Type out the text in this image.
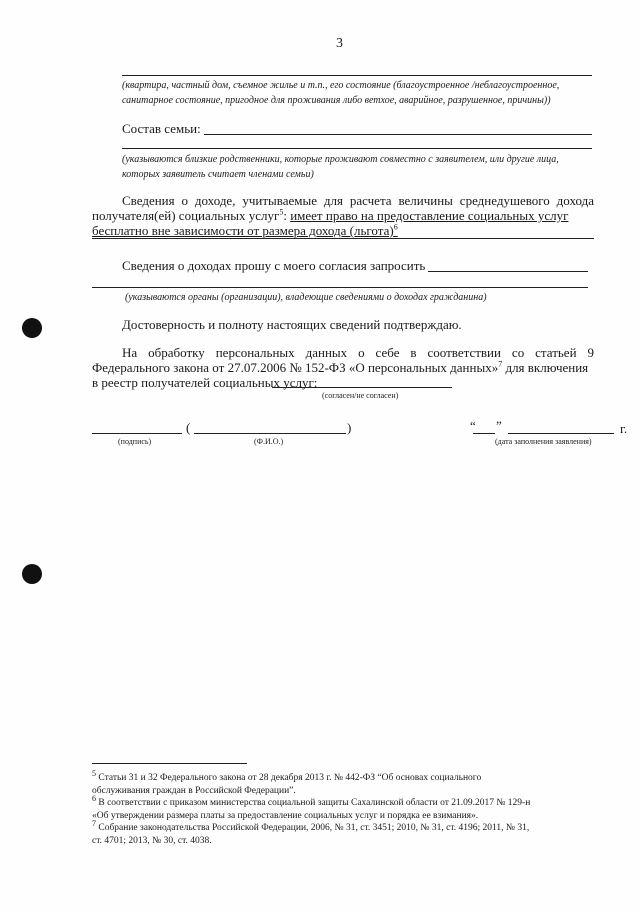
3
(квартира, частный дом, съемное жилье и т.п., его состояние (благоустроенное /неблагоустроенное,
санитарное состояние, пригодное для проживания либо ветхое, аварийное, разрушенное, причины))
Состав семьи:
(указываются близкие родственники, которые проживают совместно с заявителем, или другие лица,
которых заявитель считает членами семьи)
Сведения о доходе, учитываемые для расчета величины среднедушевого дохода
получателя(ей) социальных услуг$^5$: имеет право на предоставление социальных услуг
бесплатно вне зависимости от размера дохода (льгота)$^6$
Сведения о доходах прошу с моего согласия запросить
(указываются органы (организации), владеющие сведениями о доходах гражданина)
Достоверность и полноту настоящих сведений подтверждаю.
На обработку персональных данных о себе в соответствии со статьей 9
Федерального закона от 27.07.2006 № 152-ФЗ «О персональных данных»$^7$ для включения
в реестр получателей социальных услуг:
(согласен/не согласен)
(подпись)
(	)
(Ф.И.О.)
“ ”	г.
(дата заполнения заявления)
$^5$ Статьи 31 и 32 Федерального закона от 28 декабря 2013 г. № 442-ФЗ “Об основах социального
обслуживания граждан в Российской Федерации”.
$^6$ В соответствии с приказом министерства социальной защиты Сахалинской области от 21.09.2017 № 129-н
«Об утверждении размера платы за предоставление социальных услуг и порядка ее взимания».
$^7$ Собрание законодательства Российской Федерации, 2006, № 31, ст. 3451; 2010, № 31, ст. 4196; 2011, № 31,
ст. 4701; 2013, № 30, ст. 4038.
